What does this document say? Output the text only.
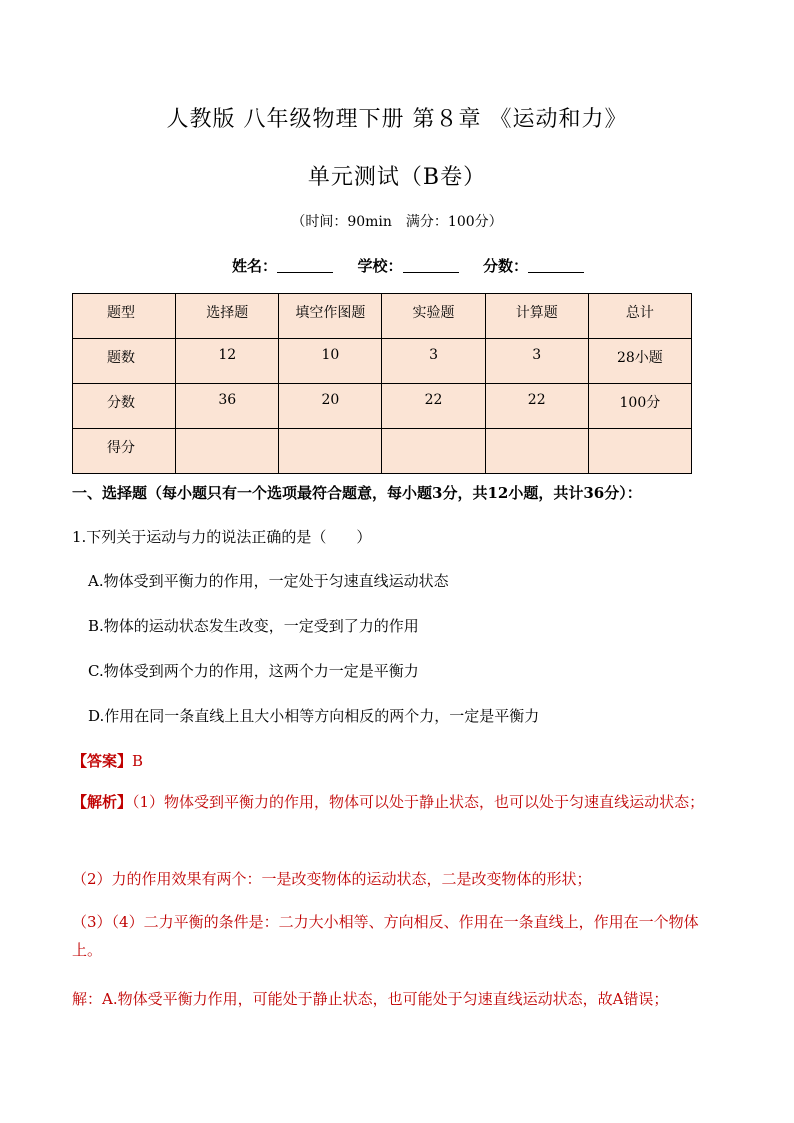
人教版 八年级物理下册 第８章 《运动和力》
单元测试（B卷）
（时间：90min　满分：100分）
姓名：	学校：	分数：
题型	选择题	填空作图题	实验题	计算题	总计

题数	12	10	3	3	28小题

分数	36	20	22	22	100分

得分					

一、选择题（每小题只有一个选项最符合题意，每小题3分，共12小题，共计36分）：
1.下列关于运动与力的说法正确的是（　　）
A.物体受到平衡力的作用，一定处于匀速直线运动状态
B.物体的运动状态发生改变，一定受到了力的作用
C.物体受到两个力的作用，这两个力一定是平衡力
D.作用在同一条直线上且大小相等方向相反的两个力，一定是平衡力
【答案】B
【解析】（1）物体受到平衡力的作用，物体可以处于静止状态，也可以处于匀速直线运动状态；
（2）力的作用效果有两个：一是改变物体的运动状态，二是改变物体的形状；
（3）（4）二力平衡的条件是：二力大小相等、方向相反、作用在一条直线上，作用在一个物体上。
解：A.物体受平衡力作用，可能处于静止状态，也可能处于匀速直线运动状态，故A错误；
